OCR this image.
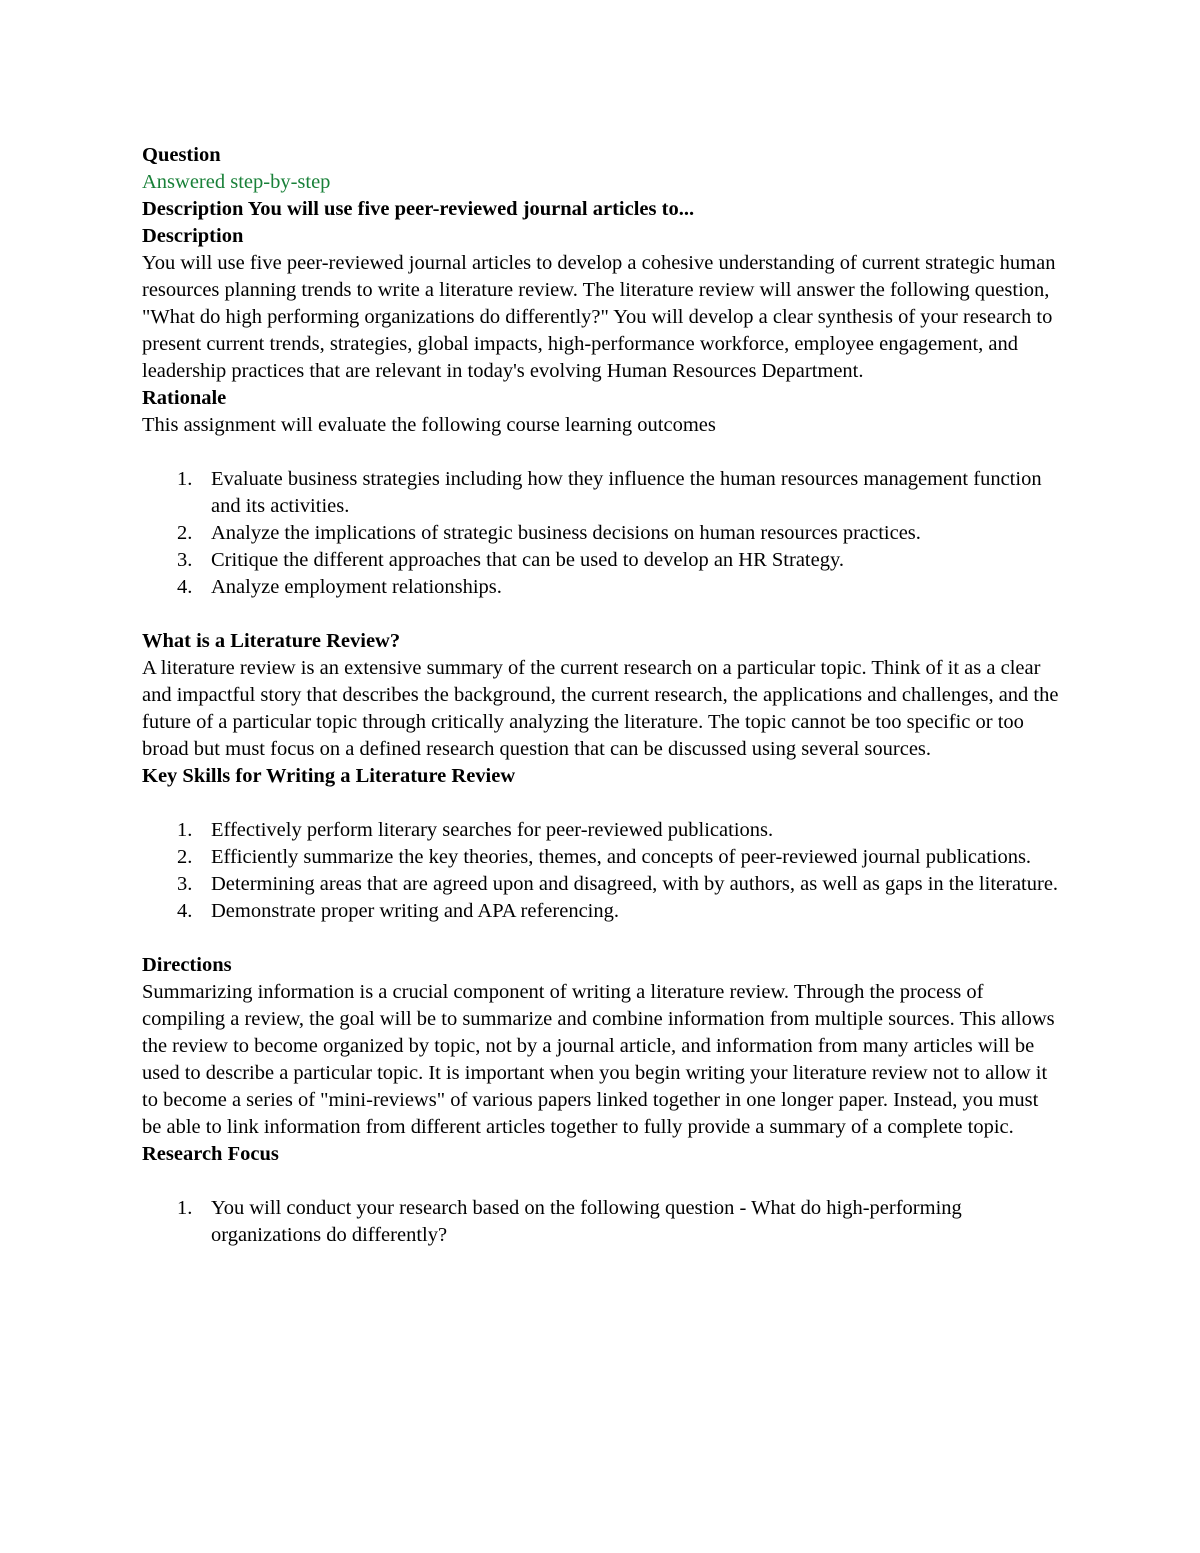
Question

Answered step-by-step

Description You will use five peer-reviewed journal articles to...

Description

You will use five peer-reviewed journal articles to develop a cohesive understanding of current strategic human resources planning trends to write a literature review. The literature review will answer the following question, "What do high performing organizations do differently?" You will develop a clear synthesis of your research to present current trends, strategies, global impacts, high-performance workforce, employee engagement, and leadership practices that are relevant in today's evolving Human Resources Department.

Rationale

This assignment will evaluate the following course learning outcomes

1. Evaluate business strategies including how they influence the human resources management function and its activities.
2. Analyze the implications of strategic business decisions on human resources practices.
3. Critique the different approaches that can be used to develop an HR Strategy.
4. Analyze employment relationships.

What is a Literature Review?

A literature review is an extensive summary of the current research on a particular topic. Think of it as a clear and impactful story that describes the background, the current research, the applications and challenges, and the future of a particular topic through critically analyzing the literature. The topic cannot be too specific or too broad but must focus on a defined research question that can be discussed using several sources.

Key Skills for Writing a Literature Review

1. Effectively perform literary searches for peer-reviewed publications.
2. Efficiently summarize the key theories, themes, and concepts of peer-reviewed journal publications.
3. Determining areas that are agreed upon and disagreed, with by authors, as well as gaps in the literature.
4. Demonstrate proper writing and APA referencing.

Directions

Summarizing information is a crucial component of writing a literature review. Through the process of compiling a review, the goal will be to summarize and combine information from multiple sources. This allows the review to become organized by topic, not by a journal article, and information from many articles will be used to describe a particular topic. It is important when you begin writing your literature review not to allow it to become a series of "mini-reviews" of various papers linked together in one longer paper. Instead, you must be able to link information from different articles together to fully provide a summary of a complete topic.

Research Focus

1. You will conduct your research based on the following question - What do high-performing organizations do differently?
